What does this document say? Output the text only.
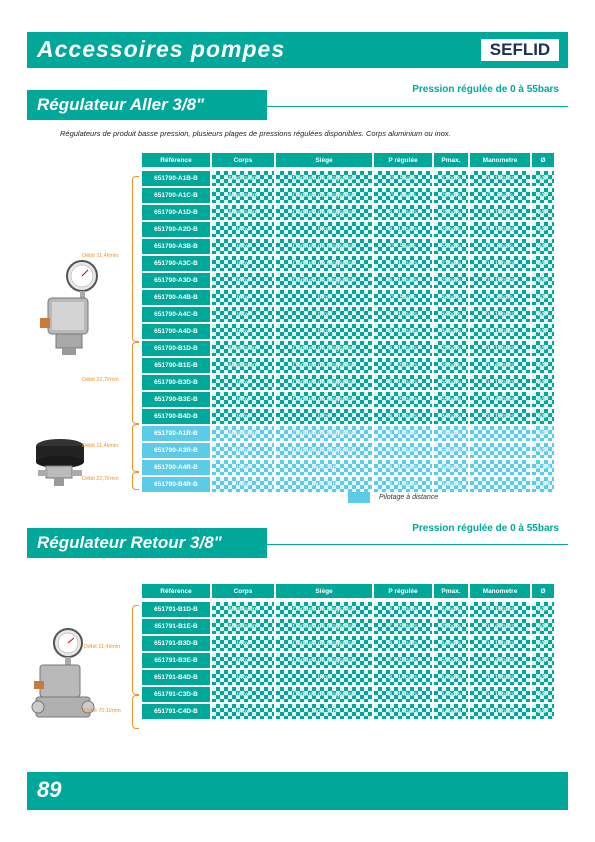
Accessoires pompes	SEFLID
Régulateur Aller 3/8"
Pression régulée de 0 à 55bars
Régulateurs de produit basse pression, plusieurs plages de pressions régulées disponibles. Corps aluminium ou inox.
Débit 11,4l/min
Débit 22,7l/min
Débit 11,4l/min
Débit 22,7l/min
Référence	Corps	Siège	P régulée	Pmax.	Manometre	Ø
651790-A1B-B	Aluminium	Carbure de tungstène	0 - 5bars	21bars	0 - 16bars	3/8"
651790-A1C-B	Aluminium	Carbure de tungstène	0 - 4bars	28bars	0 - 6bars	3/8"
651790-A1D-B	Aluminium	Carbure de tungstène	3 - 14bars	28bars	0 - 16bars	3/8"
651790-A2D-B	Inox	Inox	3 - 14bars	28bars	0 - 16bars	3/8"
651790-A3B-B	Inox	Carbure de tungstène	0 - 5bars	55bars	0 - 6bars	3/8"
651790-A3C-B	Inox	Carbure de tungstène	1 - 14bars	21bars	0 - 16bars	3/8"
651790-A3D-B	Inox	Carbure de tungstène	3 - 14bars	28bars	0 - 16bars	3/8"
651790-A4B-B	Inox	Inox	0 - 5bars	34bars	0 - 6bars	3/8"
651790-A4C-B	Inox	Inox	1 - 14bars	34bars	0 - 16bars	3/8"
651790-A4D-B	Inox	Inox	3 - 14bars	34bars	0 - 16bars	3/8"
651790-B1D-B	Aluminium	Carbure de tungstène	3 - 14bars	28bars	0 - 16bars	3/8"
651790-B1E-B	Aluminium	Carbure de tungstène	7 - 28bars	28bars	0 - 40bars	3/8"
651790-B3D-B	Inox	Carbure de tungstène	3 - 14bars	55bars	0 - 16bars	3/8"
651790-B3E-B	Inox	Carbure de tungstène	7 - 28bars	55bars	0 - 40bars	3/8"
651790-B4D-B	Inox	Inox	3 - 14bars	34bars	0 - 16bars	3/8"
651790-A1R-B	Aluminium	Carbure de tungstène	3 - 14bars	28bars		3/8"
651790-A3R-B	Inox	Carbure de tungstène	3 - 14bars	55bars		3/8"
651790-A4R-B	Inox	Inox 316	3 - 14bars	34bars		1"1/4
651790-B4R-B	Inox	Inox 316	3 - 14bars	34bars		1"1/4
Pilotage à distance
Régulateur Retour 3/8"
Pression régulée de 0 à 55bars
Débit 11,4l/min
Débit 70,1l/min
Référence	Corps	Siège	P régulée	Pmax.	Manometre	Ø
651791-B1D-B	Aluminium	Carbure de tungstène	3 - 14bars	14bars	0 - 16bars	3/8"
651791-B1E-B	Aluminium	Carbure de tungstène	7 - 28bars	28bars	0 - 40bars	3/8"
651791-B3D-B	Inox	Carbure de tungstène	3 - 14bars	14bars	0 - 16bars	3/8"
651791-B3E-B	Inox	Carbure de tungstène	7 - 28bars	55bars	0 - 40bars	3/8"
651791-B4D-B	Inox	Inox	3 - 14bars	14bars	0 - 16bars	3/8"
651791-C3D-B	Inox	Carbure de tungstène	3 - 14bars	14bars	0 - 16bars	3/8"
651791-C4D-B	Inox	Inox 316	3 - 14bars	14bars	0 - 16bars	3/8"
89
